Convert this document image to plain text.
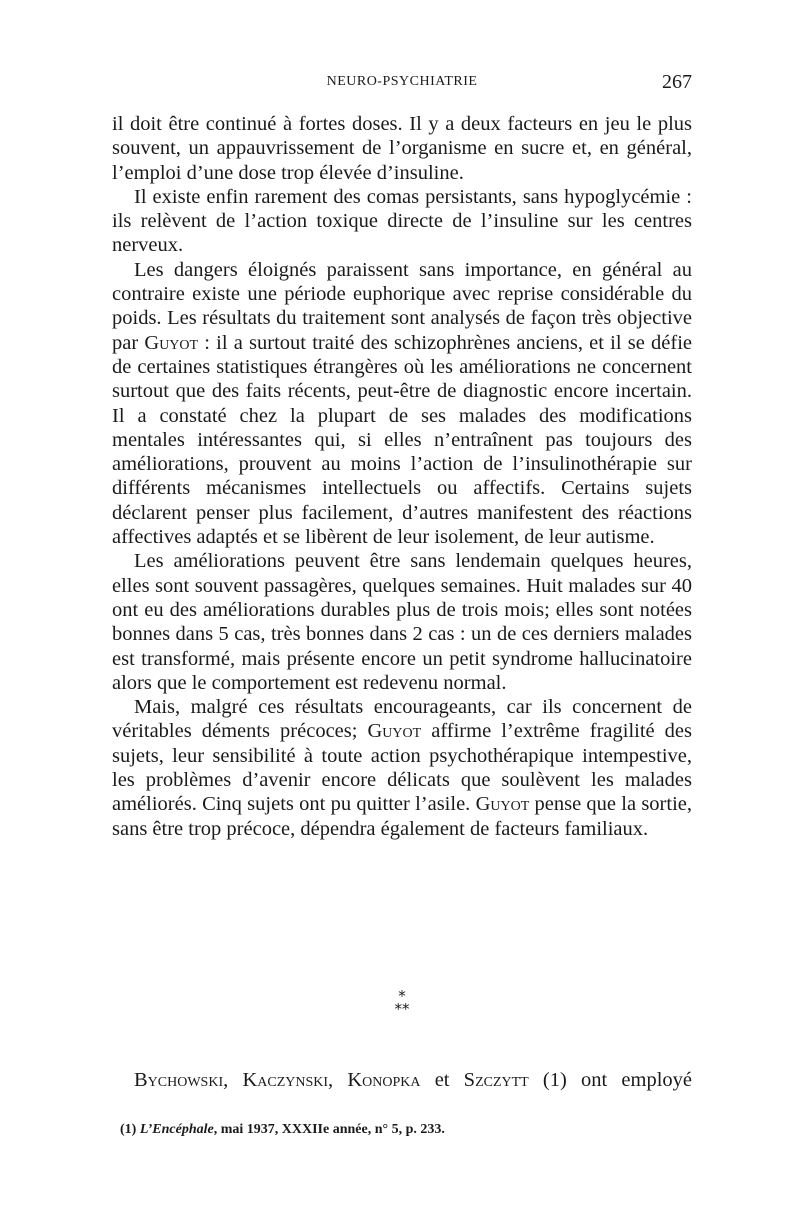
NEURO-PSYCHIATRIE	267

il doit être continué à fortes doses. Il y a deux facteurs en jeu le plus souvent, un appauvrissement de l’organisme en sucre et, en général, l’emploi d’une dose trop élevée d’insuline.

Il existe enfin rarement des comas persistants, sans hypoglycémie : ils relèvent de l’action toxique directe de l’insuline sur les centres nerveux.

Les dangers éloignés paraissent sans importance, en général au contraire existe une période euphorique avec reprise considérable du poids. Les résultats du traitement sont analysés de façon très objective par Guyot : il a surtout traité des schizophrènes anciens, et il se défie de certaines statistiques étrangères où les améliorations ne concernent surtout que des faits récents, peut-être de diagnostic encore incertain. Il a constaté chez la plupart de ses malades des modifications mentales intéressantes qui, si elles n’entraînent pas toujours des améliorations, prouvent au moins l’action de l’insulinothérapie sur différents mécanismes intellectuels ou affectifs. Certains sujets déclarent penser plus facilement, d’autres manifestent des réactions affectives adaptés et se libèrent de leur isolement, de leur autisme.

Les améliorations peuvent être sans lendemain quelques heures, elles sont souvent passagères, quelques semaines. Huit malades sur 40 ont eu des améliorations durables plus de trois mois; elles sont notées bonnes dans 5 cas, très bonnes dans 2 cas : un de ces derniers malades est transformé, mais présente encore un petit syndrome hallucinatoire alors que le comportement est redevenu normal.

Mais, malgré ces résultats encourageants, car ils concernent de véritables déments précoces; Guyot affirme l’extrême fragilité des sujets, leur sensibilité à toute action psychothérapique intempestive, les problèmes d’avenir encore délicats que soulèvent les malades améliorés. Cinq sujets ont pu quitter l’asile. Guyot pense que la sortie, sans être trop précoce, dépendra également de facteurs familiaux.

*
**
Bychowski, Kaczynski, Konopka et Szczytt (1) ont employé
(1) L’Encéphale, mai 1937, XXXIIe année, n° 5, p. 233.
